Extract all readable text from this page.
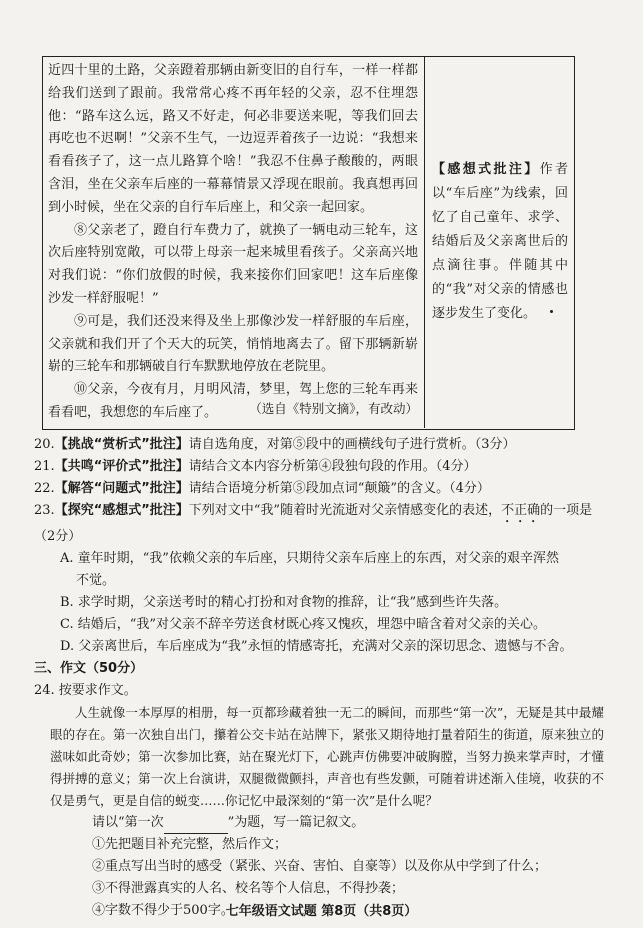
近四十里的土路，父亲蹬着那辆由新变旧的自行车，一样一样都给我们送到了跟前。我常常心疼不再年轻的父亲，忍不住埋怨他：“路车这么远，路又不好走，何必非要送来呢，等我们回去再吃也不迟啊！”父亲不生气，一边逗弄着孩子一边说：“我想来看看孩子了，这一点儿路算个啥！”我忍不住鼻子酸酸的，两眼含泪，坐在父亲车后座的一幕幕情景又浮现在眼前。我真想再回到小时候，坐在父亲的自行车后座上，和父亲一起回家。

⑧父亲老了，蹬自行车费力了，就换了一辆电动三轮车，这次后座特别宽敞，可以带上母亲一起来城里看孩子。父亲高兴地对我们说：“你们放假的时候，我来接你们回家吧！这车后座像沙发一样舒服呢！”

⑨可是，我们还没来得及坐上那像沙发一样舒服的车后座，父亲就和我们开了个天大的玩笑，悄悄地离去了。留下那辆新崭崭的三轮车和那辆破自行车默默地停放在老院里。

⑩父亲，今夜有月，月明风清，梦里，驾上您的三轮车再来看看吧，我想您的车后座了。	（选自《特别文摘》，有改动）
【感想式批注】作者以“车后座”为线索，回忆了自己童年、求学、结婚后及父亲离世后的点滴往事。伴随其中的“我”对父亲的情感也逐步发生了变化。

20.【挑战“赏析式”批注】请自选角度，对第⑤段中的画横线句子进行赏析。（3分）

21.【共鸣“评价式”批注】请结合文本内容分析第④段独句段的作用。（4分）

22.【解答“问题式”批注】请结合语境分析第⑤段加点词“颠簸”的含义。（4分）

23.【探究“感想式”批注】下列对文中“我”随着时光流逝对父亲情感变化的表述，不正确的一项是（2分）

A. 童年时期，“我”依赖父亲的车后座，只期待父亲车后座上的东西，对父亲的艰辛浑然

不觉。

B. 求学时期，父亲送考时的精心打扮和对食物的推辞，让“我”感到些许失落。

C. 结婚后，“我”对父亲不辞辛劳送食材既心疼又愧疚，埋怨中暗含着对父亲的关心。

D. 父亲离世后，车后座成为“我”永恒的情感寄托，充满对父亲的深切思念、遗憾与不舍。

三、作文（50分）

24. 按要求作文。

人生就像一本厚厚的相册，每一页都珍藏着独一无二的瞬间，而那些“第一次”，无疑是其中最耀眼的存在。第一次独自出门，攥着公交卡站在站牌下，紧张又期待地打量着陌生的街道，原来独立的滋味如此奇妙；第一次参加比赛，站在聚光灯下，心跳声仿佛要冲破胸膛，当努力换来掌声时，才懂得拼搏的意义；第一次上台演讲，双腿微微颤抖，声音也有些发颤，可随着讲述渐入佳境，收获的不仅是勇气，更是自信的蜕变……你记忆中最深刻的“第一次”是什么呢？

请以“第一次	”为题，写一篇记叙文。

①先把题目补充完整，然后作文；

②重点写出当时的感受（紧张、兴奋、害怕、自豪等）以及你从中学到了什么；

③不得泄露真实的人名、校名等个人信息，不得抄袭；

④字数不得少于500字。

七年级语文试题 第8页（共8页）
